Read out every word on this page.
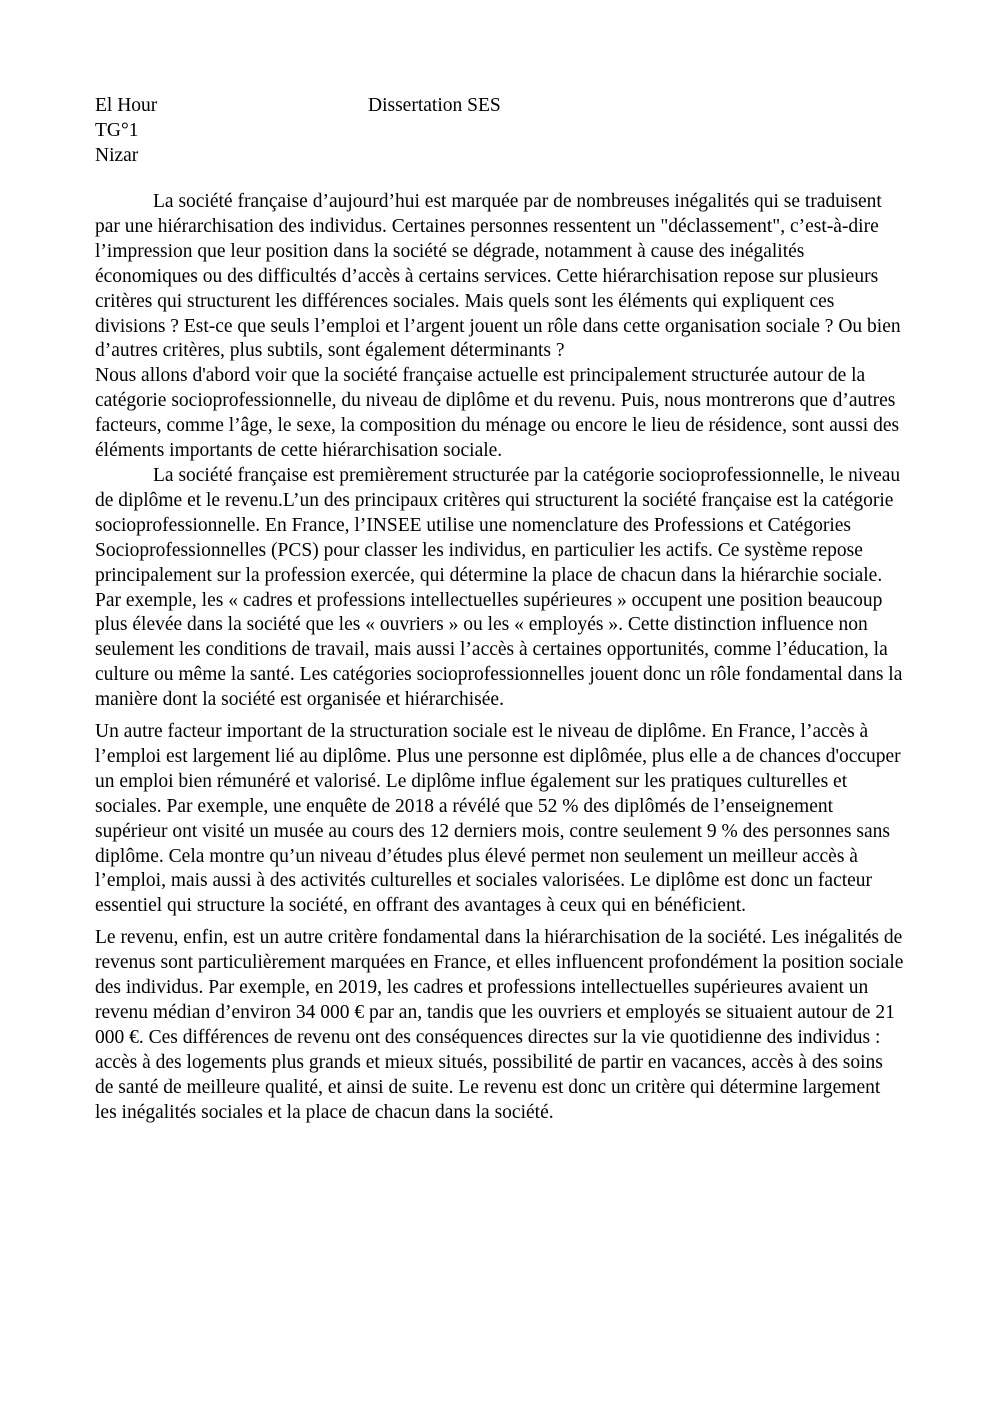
El Hour
TG°1
Nizar
Dissertation SES

La société française d’aujourd’hui est marquée par de nombreuses inégalités qui se traduisent par une hiérarchisation des individus. Certaines personnes ressentent un "déclassement", c’est-à-dire l’impression que leur position dans la société se dégrade, notamment à cause des inégalités économiques ou des difficultés d’accès à certains services. Cette hiérarchisation repose sur plusieurs critères qui structurent les différences sociales. Mais quels sont les éléments qui expliquent ces divisions ? Est-ce que seuls l’emploi et l’argent jouent un rôle dans cette organisation sociale ? Ou bien d’autres critères, plus subtils, sont également déterminants ?

Nous allons d'abord voir que la société française actuelle est principalement structurée autour de la catégorie socioprofessionnelle, du niveau de diplôme et du revenu. Puis, nous montrerons que d’autres facteurs, comme l’âge, le sexe, la composition du ménage ou encore le lieu de résidence, sont aussi des éléments importants de cette hiérarchisation sociale.

La société française est premièrement structurée par la catégorie socioprofessionnelle, le niveau de diplôme et le revenu.L’un des principaux critères qui structurent la société française est la catégorie socioprofessionnelle. En France, l’INSEE utilise une nomenclature des Professions et Catégories Socioprofessionnelles (PCS) pour classer les individus, en particulier les actifs. Ce système repose principalement sur la profession exercée, qui détermine la place de chacun dans la hiérarchie sociale. Par exemple, les « cadres et professions intellectuelles supérieures » occupent une position beaucoup plus élevée dans la société que les « ouvriers » ou les « employés ». Cette distinction influence non seulement les conditions de travail, mais aussi l’accès à certaines opportunités, comme l’éducation, la culture ou même la santé. Les catégories socioprofessionnelles jouent donc un rôle fondamental dans la manière dont la société est organisée et hiérarchisée.

Un autre facteur important de la structuration sociale est le niveau de diplôme. En France, l’accès à l’emploi est largement lié au diplôme. Plus une personne est diplômée, plus elle a de chances d'occuper un emploi bien rémunéré et valorisé. Le diplôme influe également sur les pratiques culturelles et sociales. Par exemple, une enquête de 2018 a révélé que 52 % des diplômés de l’enseignement supérieur ont visité un musée au cours des 12 derniers mois, contre seulement 9 % des personnes sans diplôme. Cela montre qu’un niveau d’études plus élevé permet non seulement un meilleur accès à l’emploi, mais aussi à des activités culturelles et sociales valorisées. Le diplôme est donc un facteur essentiel qui structure la société, en offrant des avantages à ceux qui en bénéficient.

Le revenu, enfin, est un autre critère fondamental dans la hiérarchisation de la société. Les inégalités de revenus sont particulièrement marquées en France, et elles influencent profondément la position sociale des individus. Par exemple, en 2019, les cadres et professions intellectuelles supérieures avaient un revenu médian d’environ 34 000 € par an, tandis que les ouvriers et employés se situaient autour de 21 000 €. Ces différences de revenu ont des conséquences directes sur la vie quotidienne des individus : accès à des logements plus grands et mieux situés, possibilité de partir en vacances, accès à des soins de santé de meilleure qualité, et ainsi de suite. Le revenu est donc un critère qui détermine largement les inégalités sociales et la place de chacun dans la société.
